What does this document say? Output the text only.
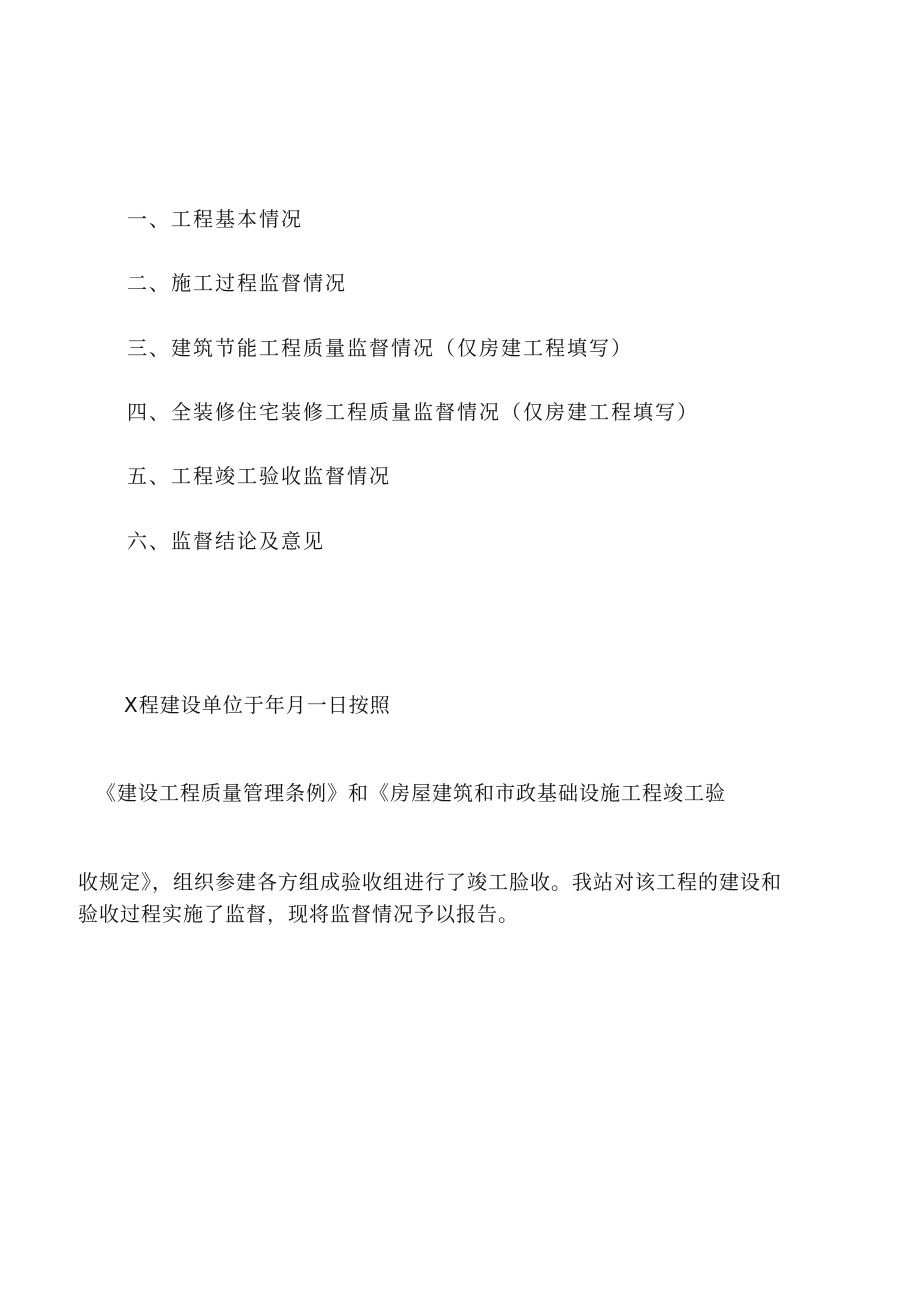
一、工程基本情况
二、施工过程监督情况
三、建筑节能工程质量监督情况（仅房建工程填写）
四、全装修住宅装修工程质量监督情况（仅房建工程填写）
五、工程竣工验收监督情况
六、监督结论及意见
X程建设单位于年月一日按照
《建设工程质量管理条例》和《房屋建筑和市政基础设施工程竣工验
收规定》，组织参建各方组成验收组进行了竣工脸收。我站对该工程的建设和
验收过程实施了监督，现将监督情况予以报告。
